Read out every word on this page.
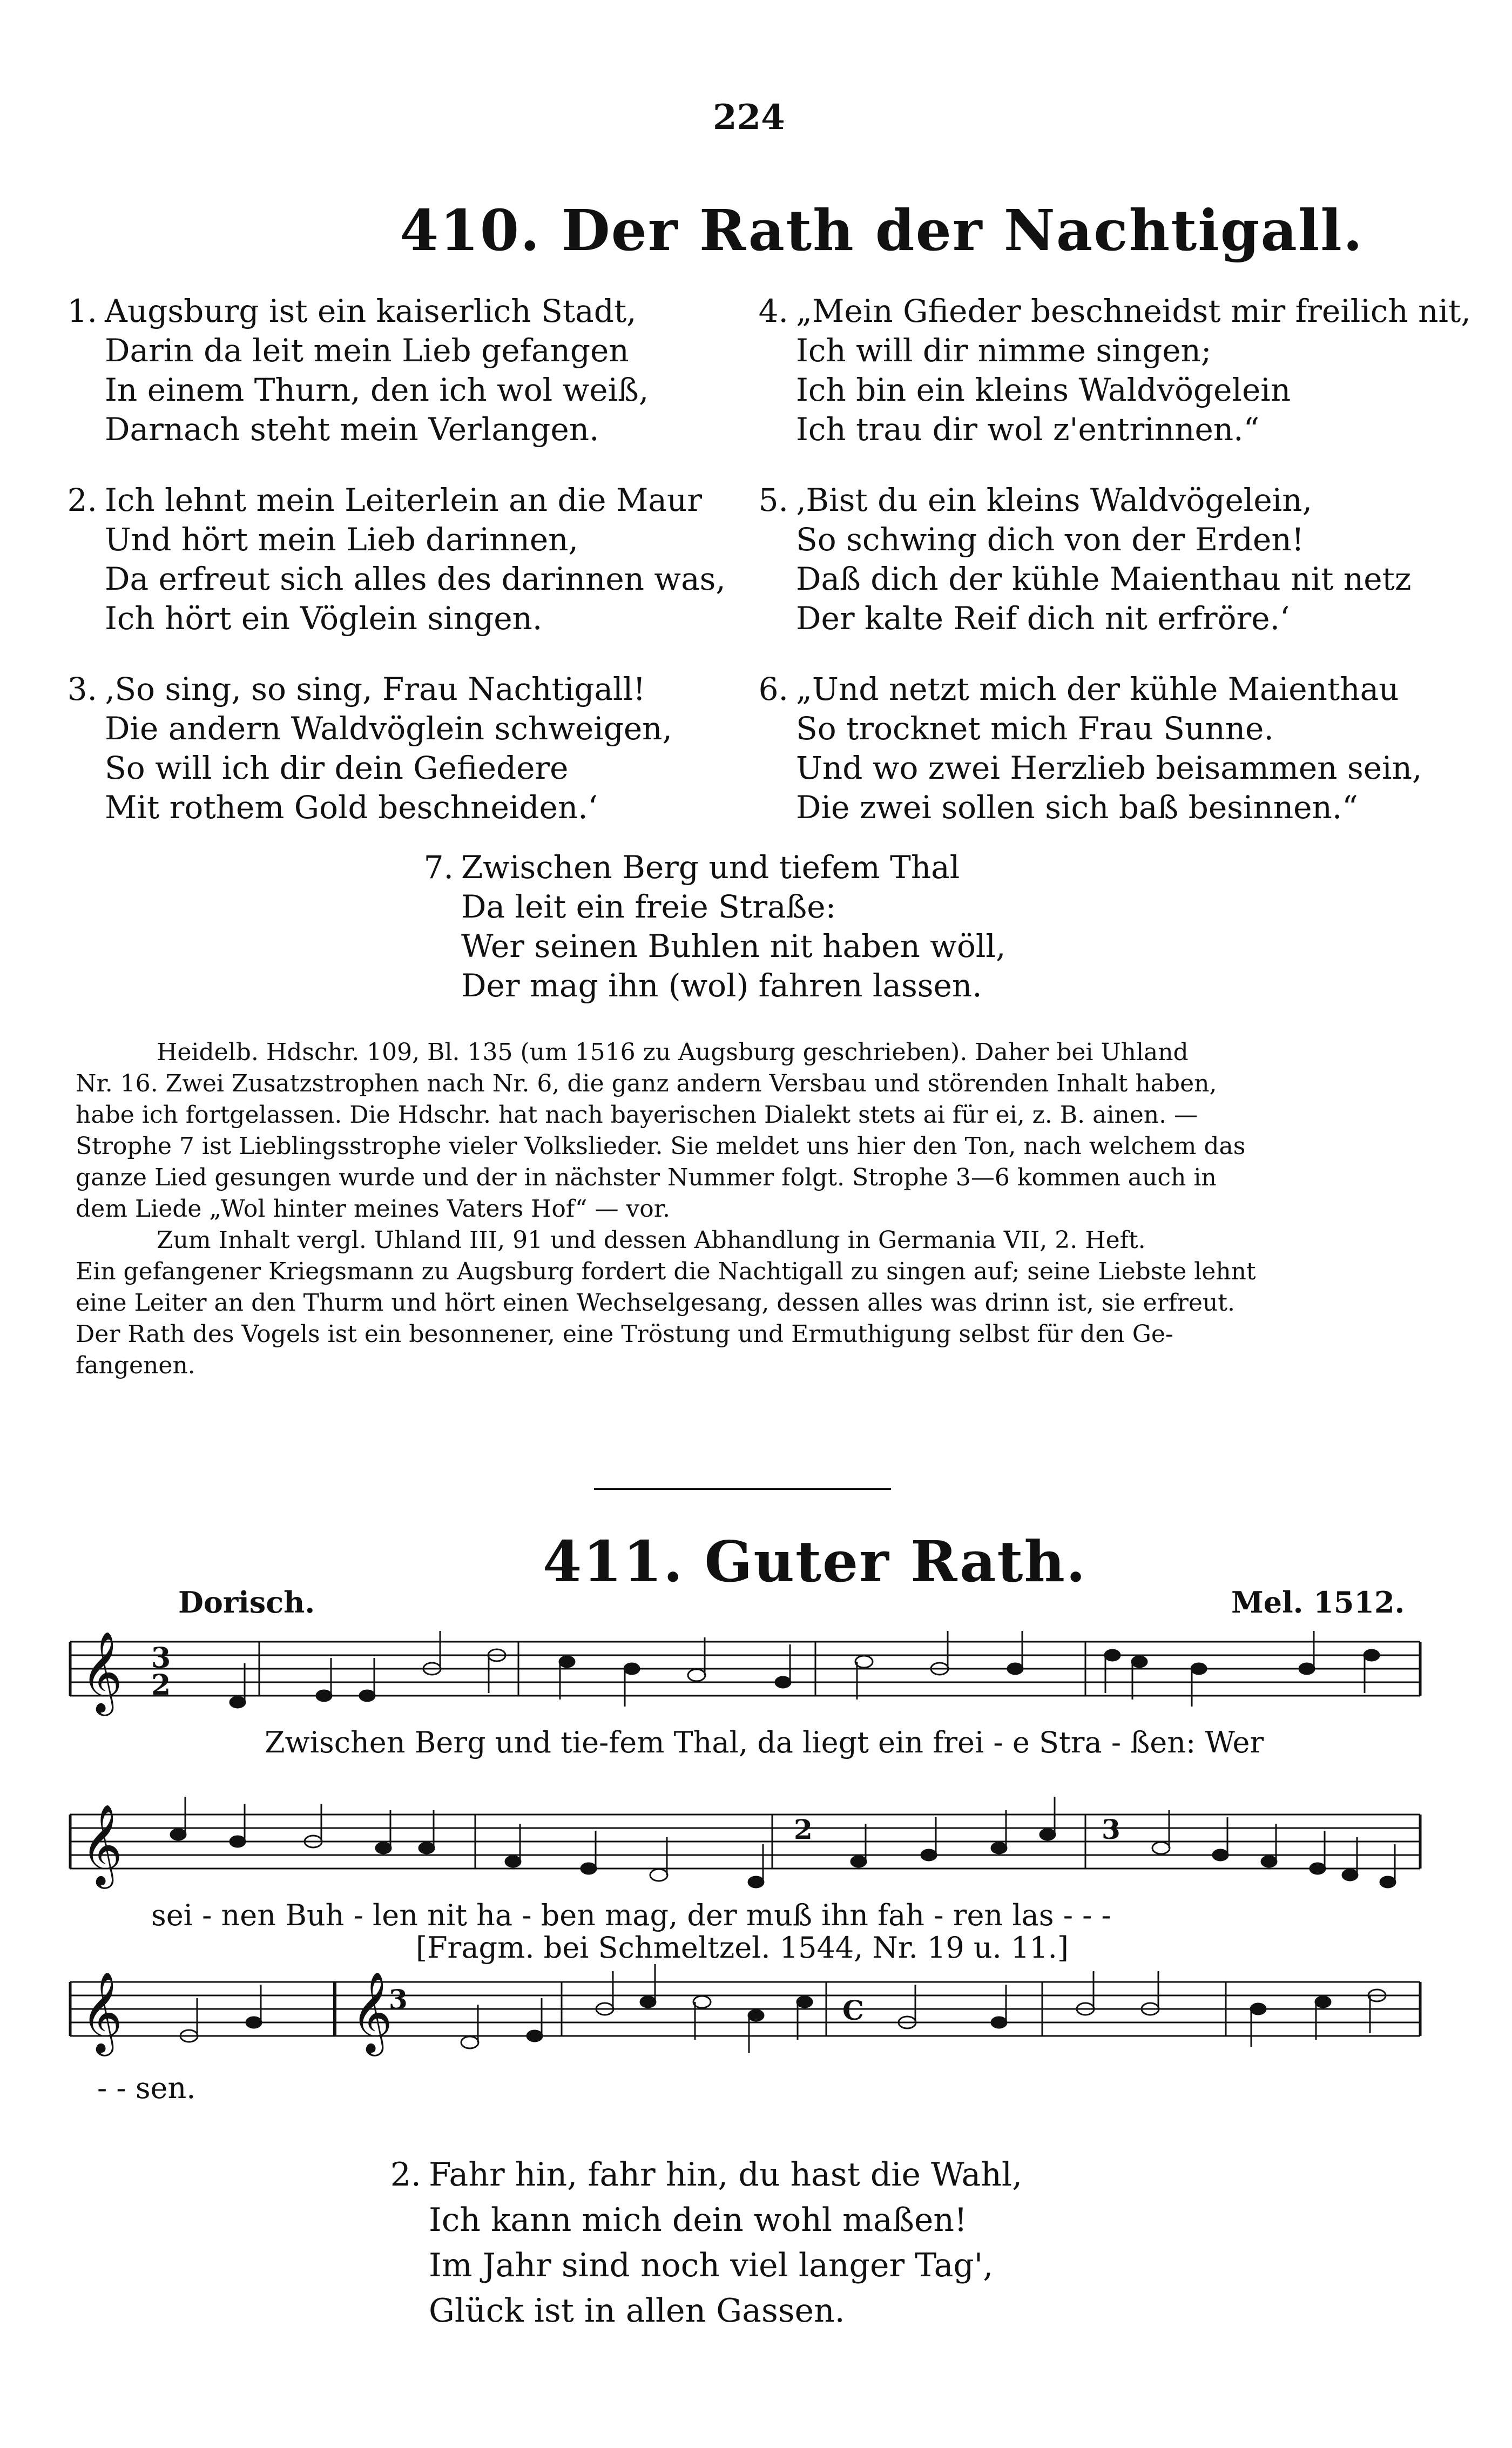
224
410. Der Rath der Nachtigall.
1. Augsburg ist ein kaiserlich Stadt,
Darin da leit mein Lieb gefangen
In einem Thurn, den ich wol weiß,
Darnach steht mein Verlangen.
2. Ich lehnt mein Leiterlein an die Maur
Und hört mein Lieb darinnen,
Da erfreut sich alles des darinnen was,
Ich hört ein Vöglein singen.
3. ‚So sing, so sing, Frau Nachtigall!
Die andern Waldvöglein schweigen,
So will ich dir dein Gefiedere
Mit rothem Gold beschneiden.‘
4. „Mein Gfieder beschneidst mir freilich nit,
Ich will dir nimme singen;
Ich bin ein kleins Waldvögelein
Ich trau dir wol z'entrinnen.“
5. ‚Bist du ein kleins Waldvögelein,
So schwing dich von der Erden!
Daß dich der kühle Maienthau nit netz
Der kalte Reif dich nit erfröre.‘
6. „Und netzt mich der kühle Maienthau
So trocknet mich Frau Sunne.
Und wo zwei Herzlieb beisammen sein,
Die zwei sollen sich baß besinnen.“
7. Zwischen Berg und tiefem Thal
Da leit ein freie Straße:
Wer seinen Buhlen nit haben wöll,
Der mag ihn (wol) fahren lassen.
Heidelb. Hdschr. 109, Bl. 135 (um 1516 zu Augsburg geschrieben). Daher bei Uhland
Nr. 16. Zwei Zusatzstrophen nach Nr. 6, die ganz andern Versbau und störenden Inhalt haben,
habe ich fortgelassen. Die Hdschr. hat nach bayerischen Dialekt stets ai für ei, z. B. ainen. —
Strophe 7 ist Lieblingsstrophe vieler Volkslieder. Sie meldet uns hier den Ton, nach welchem das
ganze Lied gesungen wurde und der in nächster Nummer folgt. Strophe 3—6 kommen auch in
dem Liede „Wol hinter meines Vaters Hof“ — vor.
Zum Inhalt vergl. Uhland III, 91 und dessen Abhandlung in Germania VII, 2. Heft.
Ein gefangener Kriegsmann zu Augsburg fordert die Nachtigall zu singen auf; seine Liebste lehnt
eine Leiter an den Thurm und hört einen Wechselgesang, dessen alles was drinn ist, sie erfreut.
Der Rath des Vogels ist ein besonnener, eine Tröstung und Ermuthigung selbst für den Ge-
fangenen.
411. Guter Rath.
Dorisch.	Mel. 1512.
𝄞
𝄞
𝄞	𝄞
3
2
2	3
3	C
Zwischen Berg und tie-fem Thal, da liegt ein frei - e Stra - ßen: Wer
sei - nen Buh - len nit ha - ben mag, der muß ihn fah - ren las - - -
[Fragm. bei Schmeltzel. 1544, Nr. 19 u. 11.]
- - sen.
2. Fahr hin, fahr hin, du hast die Wahl,
Ich kann mich dein wohl maßen!
Im Jahr sind noch viel langer Tag',
Glück ist in allen Gassen.
